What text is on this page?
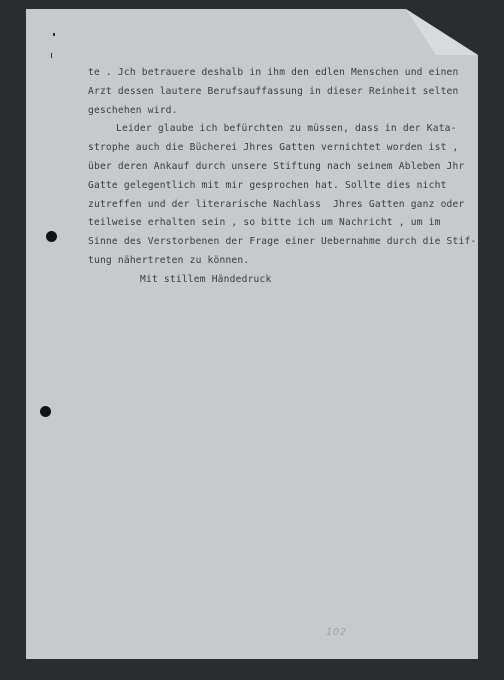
te . Jch betrauere deshalb in ihm den edlen Menschen und einen
Arzt dessen lautere Berufsauffassung in dieser Reinheit selten
geschehen wird.
Leider glaube ich befürchten zu müssen, dass in der Kata-
strophe auch die Bücherei Jhres Gatten vernichtet worden ist ,
über deren Ankauf durch unsere Stiftung nach seinem Ableben Jhr
Gatte gelegentlich mit mir gesprochen hat. Sollte dies nicht
zutreffen und der literarische Nachlass  Jhres Gatten ganz oder
teilweise erhalten sein , so bitte ich um Nachricht , um im
Sinne des Verstorbenen der Frage einer Uebernahme durch die Stif-
tung nähertreten zu können.
Mit stillem Händedruck
102
